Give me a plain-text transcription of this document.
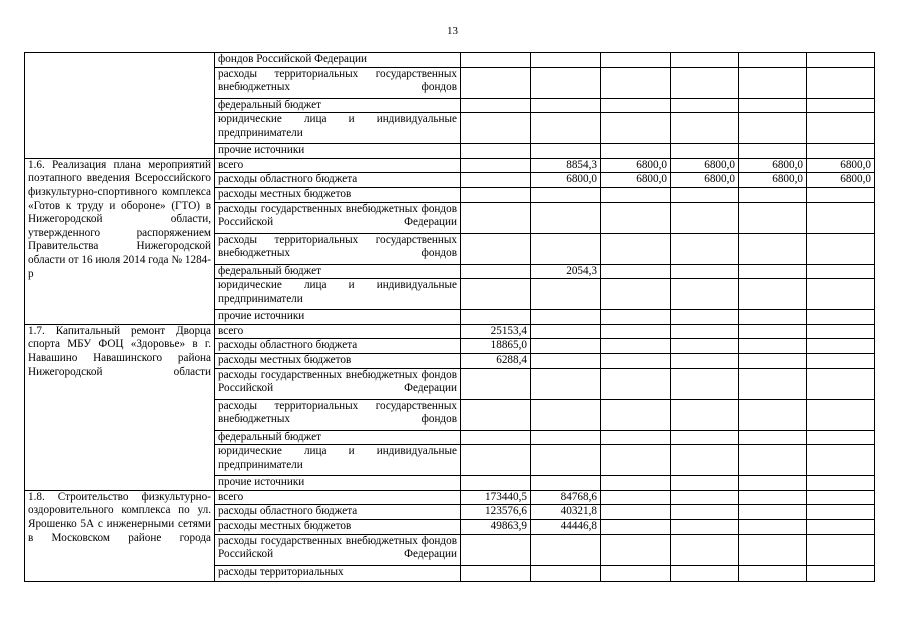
13
	фондов Российской Федерации						
	расходы территориальных государственных внебюджетных фондов						
	федеральный бюджет						
	юридические лица и индивидуальные предприниматели						
	прочие источники						
1.6. Реализация плана мероприятий поэтапного введения Всероссийского физкультурно-спортивного комплекса «Готов к труду и обороне» (ГТО) в Нижегородской области, утвержденного распоряжением Правительства Нижегородской области от 16 июля 2014 года № 1284-р	всего		8854,3	6800,0	6800,0	6800,0	6800,0
	расходы областного бюджета		6800,0	6800,0	6800,0	6800,0	6800,0
	расходы местных бюджетов						
	расходы государственных внебюджетных фондов Российской Федерации						
	расходы территориальных государственных внебюджетных фондов						
	федеральный бюджет		2054,3				
	юридические лица и индивидуальные предприниматели						
	прочие источники						
1.7. Капитальный ремонт Дворца спорта МБУ ФОЦ «Здоровье» в г. Навашино Навашинского района Нижегородской области	всего	25153,4					
	расходы областного бюджета	18865,0					
	расходы местных бюджетов	6288,4					
	расходы государственных внебюджетных фондов Российской Федерации						
	расходы территориальных государственных внебюджетных фондов						
	федеральный бюджет						
	юридические лица и индивидуальные предприниматели						
	прочие источники						
1.8. Строительство физкультурно-оздоровительного комплекса по ул. Ярошенко 5А с инженерными сетями в Московском районе города	всего	173440,5	84768,6				
	расходы областного бюджета	123576,6	40321,8				
	расходы местных бюджетов	49863,9	44446,8				
	расходы государственных внебюджетных фондов Российской Федерации						
	расходы территориальных						
